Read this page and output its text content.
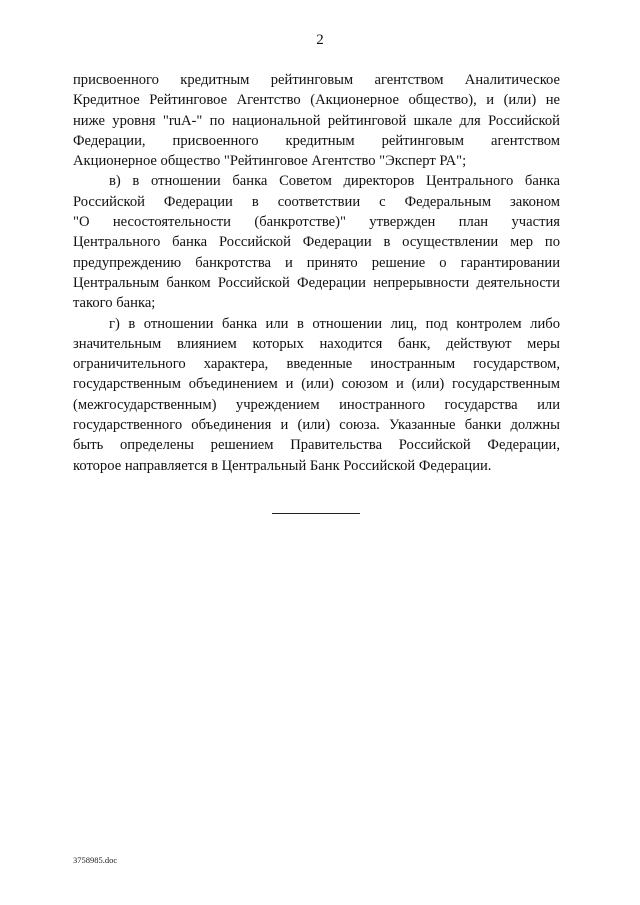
2

присвоенного кредитным рейтинговым агентством Аналитическое

Кредитное Рейтинговое Агентство (Акционерное общество), и (или) не

ниже уровня "ruA-" по национальной рейтинговой шкале для Российской

Федерации, присвоенного кредитным рейтинговым агентством

Акционерное общество "Рейтинговое Агентство "Эксперт РА";

в) в отношении банка Советом директоров Центрального банка

Российской Федерации в соответствии с Федеральным законом

"О несостоятельности (банкротстве)" утвержден план участия

Центрального банка Российской Федерации в осуществлении мер по

предупреждению банкротства и принято решение о гарантировании

Центральным банком Российской Федерации непрерывности деятельности

такого банка;

г) в отношении банка или в отношении лиц, под контролем либо

значительным влиянием которых находится банк, действуют меры

ограничительного характера, введенные иностранным государством,

государственным объединением и (или) союзом и (или) государственным

(межгосударственным) учреждением иностранного государства или

государственного объединения и (или) союза. Указанные банки должны

быть определены решением Правительства Российской Федерации,

которое направляется в Центральный Банк Российской Федерации.

3758985.doc
